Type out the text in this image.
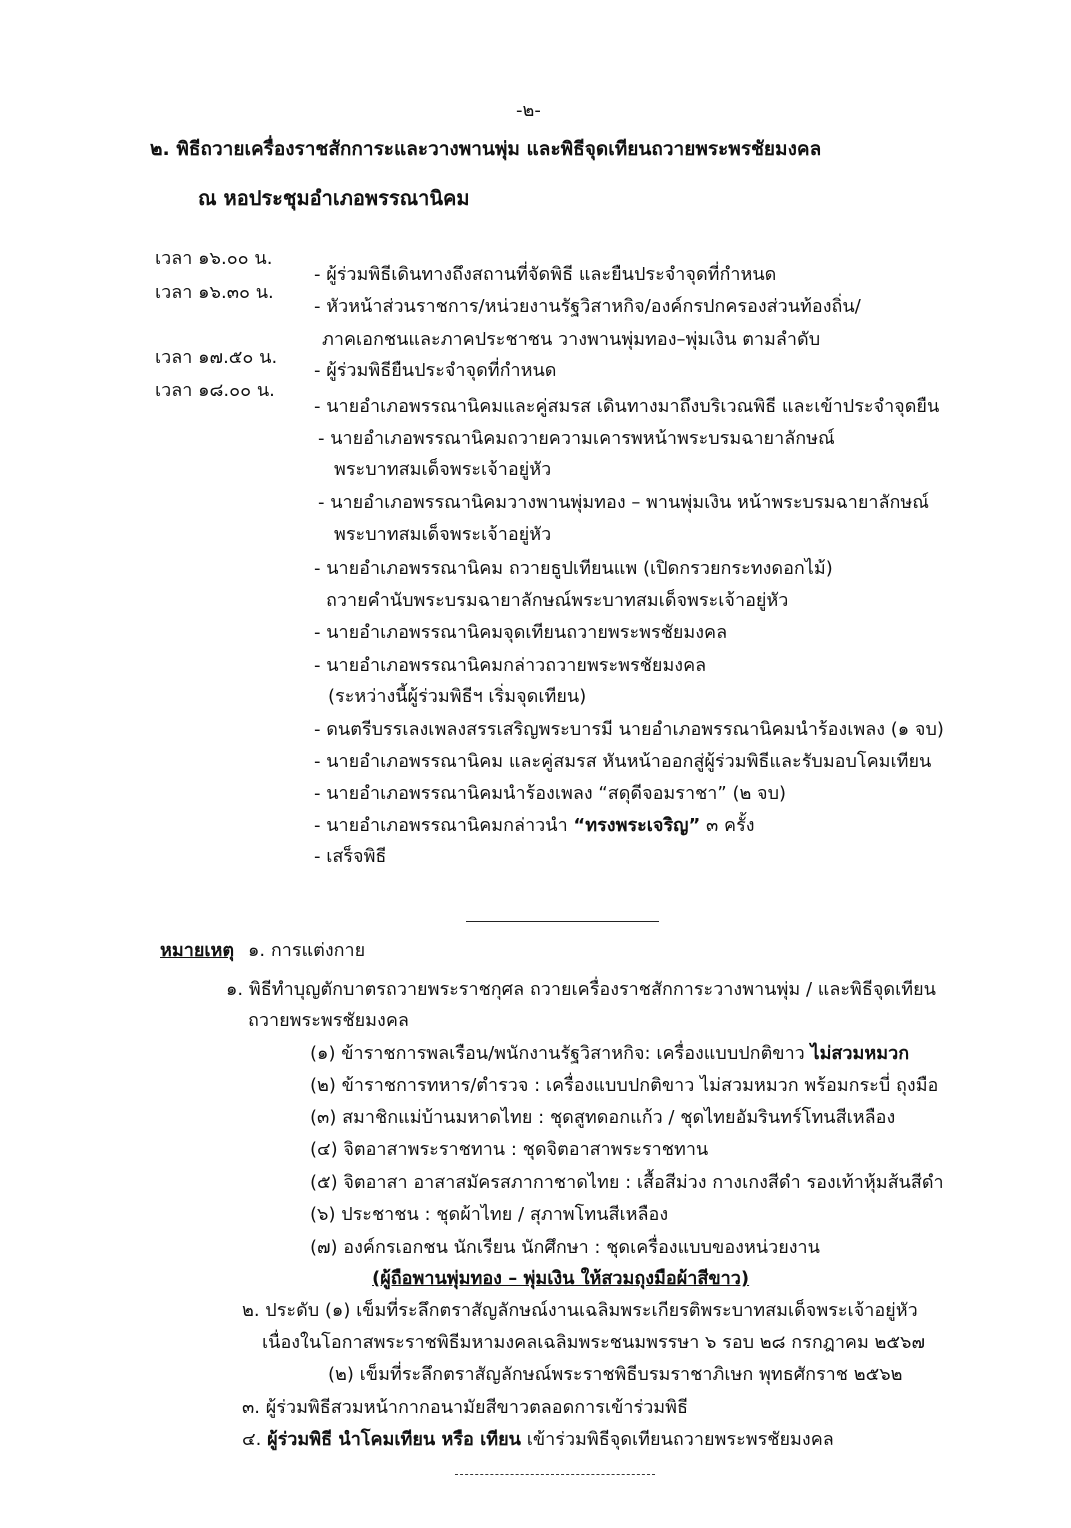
-๒-
๒. พิธีถวายเครื่องราชสักการะและวางพานพุ่ม และพิธีจุดเทียนถวายพระพรชัยมงคล
ณ หอประชุมอำเภอพรรณานิคม
เวลา ๑๖.๐๐ น.
- ผู้ร่วมพิธีเดินทางถึงสถานที่จัดพิธี และยืนประจำจุดที่กำหนด
เวลา ๑๖.๓๐ น.
- หัวหน้าส่วนราชการ/หน่วยงานรัฐวิสาหกิจ/องค์กรปกครองส่วนท้องถิ่น/
ภาคเอกชนและภาคประชาชน วางพานพุ่มทอง–พุ่มเงิน ตามลำดับ
เวลา ๑๗.๕๐ น.
- ผู้ร่วมพิธียืนประจำจุดที่กำหนด
เวลา ๑๘.๐๐ น.
- นายอำเภอพรรณานิคมและคู่สมรส เดินทางมาถึงบริเวณพิธี และเข้าประจำจุดยืน
- นายอำเภอพรรณานิคมถวายความเคารพหน้าพระบรมฉายาลักษณ์
พระบาทสมเด็จพระเจ้าอยู่หัว
- นายอำเภอพรรณานิคมวางพานพุ่มทอง – พานพุ่มเงิน หน้าพระบรมฉายาลักษณ์
พระบาทสมเด็จพระเจ้าอยู่หัว
- นายอำเภอพรรณานิคม ถวายธูปเทียนแพ (เปิดกรวยกระทงดอกไม้)
ถวายคำนับพระบรมฉายาลักษณ์พระบาทสมเด็จพระเจ้าอยู่หัว
- นายอำเภอพรรณานิคมจุดเทียนถวายพระพรชัยมงคล
- นายอำเภอพรรณานิคมกล่าวถวายพระพรชัยมงคล
(ระหว่างนี้ผู้ร่วมพิธีฯ เริ่มจุดเทียน)
- ดนตรีบรรเลงเพลงสรรเสริญพระบารมี นายอำเภอพรรณานิคมนำร้องเพลง (๑ จบ)
- นายอำเภอพรรณานิคม และคู่สมรส หันหน้าออกสู่ผู้ร่วมพิธีและรับมอบโคมเทียน
- นายอำเภอพรรณานิคมนำร้องเพลง “สดุดีจอมราชา” (๒ จบ)
- นายอำเภอพรรณานิคมกล่าวนำ “ทรงพระเจริญ” ๓ ครั้ง
- เสร็จพิธี
หมายเหตุ ๑. การแต่งกาย
๑. พิธีทำบุญตักบาตรถวายพระราชกุศล ถวายเครื่องราชสักการะวางพานพุ่ม / และพิธีจุดเทียน
ถวายพระพรชัยมงคล
(๑) ข้าราชการพลเรือน/พนักงานรัฐวิสาหกิจ: เครื่องแบบปกติขาว ไม่สวมหมวก
(๒) ข้าราชการทหาร/ตำรวจ : เครื่องแบบปกติขาว ไม่สวมหมวก พร้อมกระบี่ ถุงมือ
(๓) สมาชิกแม่บ้านมหาดไทย : ชุดสูทดอกแก้ว / ชุดไทยอัมรินทร์โทนสีเหลือง
(๔) จิตอาสาพระราชทาน : ชุดจิตอาสาพระราชทาน
(๕) จิตอาสา อาสาสมัครสภากาชาดไทย : เสื้อสีม่วง กางเกงสีดำ รองเท้าหุ้มส้นสีดำ
(๖) ประชาชน : ชุดผ้าไทย / สุภาพโทนสีเหลือง
(๗) องค์กรเอกชน นักเรียน นักศึกษา : ชุดเครื่องแบบของหน่วยงาน
(ผู้ถือพานพุ่มทอง – พุ่มเงิน ให้สวมถุงมือผ้าสีขาว)
๒. ประดับ (๑) เข็มที่ระลึกตราสัญลักษณ์งานเฉลิมพระเกียรติพระบาทสมเด็จพระเจ้าอยู่หัว
เนื่องในโอกาสพระราชพิธีมหามงคลเฉลิมพระชนมพรรษา ๖ รอบ ๒๘ กรกฎาคม ๒๕๖๗
(๒) เข็มที่ระลึกตราสัญลักษณ์พระราชพิธีบรมราชาภิเษก พุทธศักราช ๒๕๖๒
๓. ผู้ร่วมพิธีสวมหน้ากากอนามัยสีขาวตลอดการเข้าร่วมพิธี
๔. ผู้ร่วมพิธี นำโคมเทียน หรือ เทียน เข้าร่วมพิธีจุดเทียนถวายพระพรชัยมงคล
